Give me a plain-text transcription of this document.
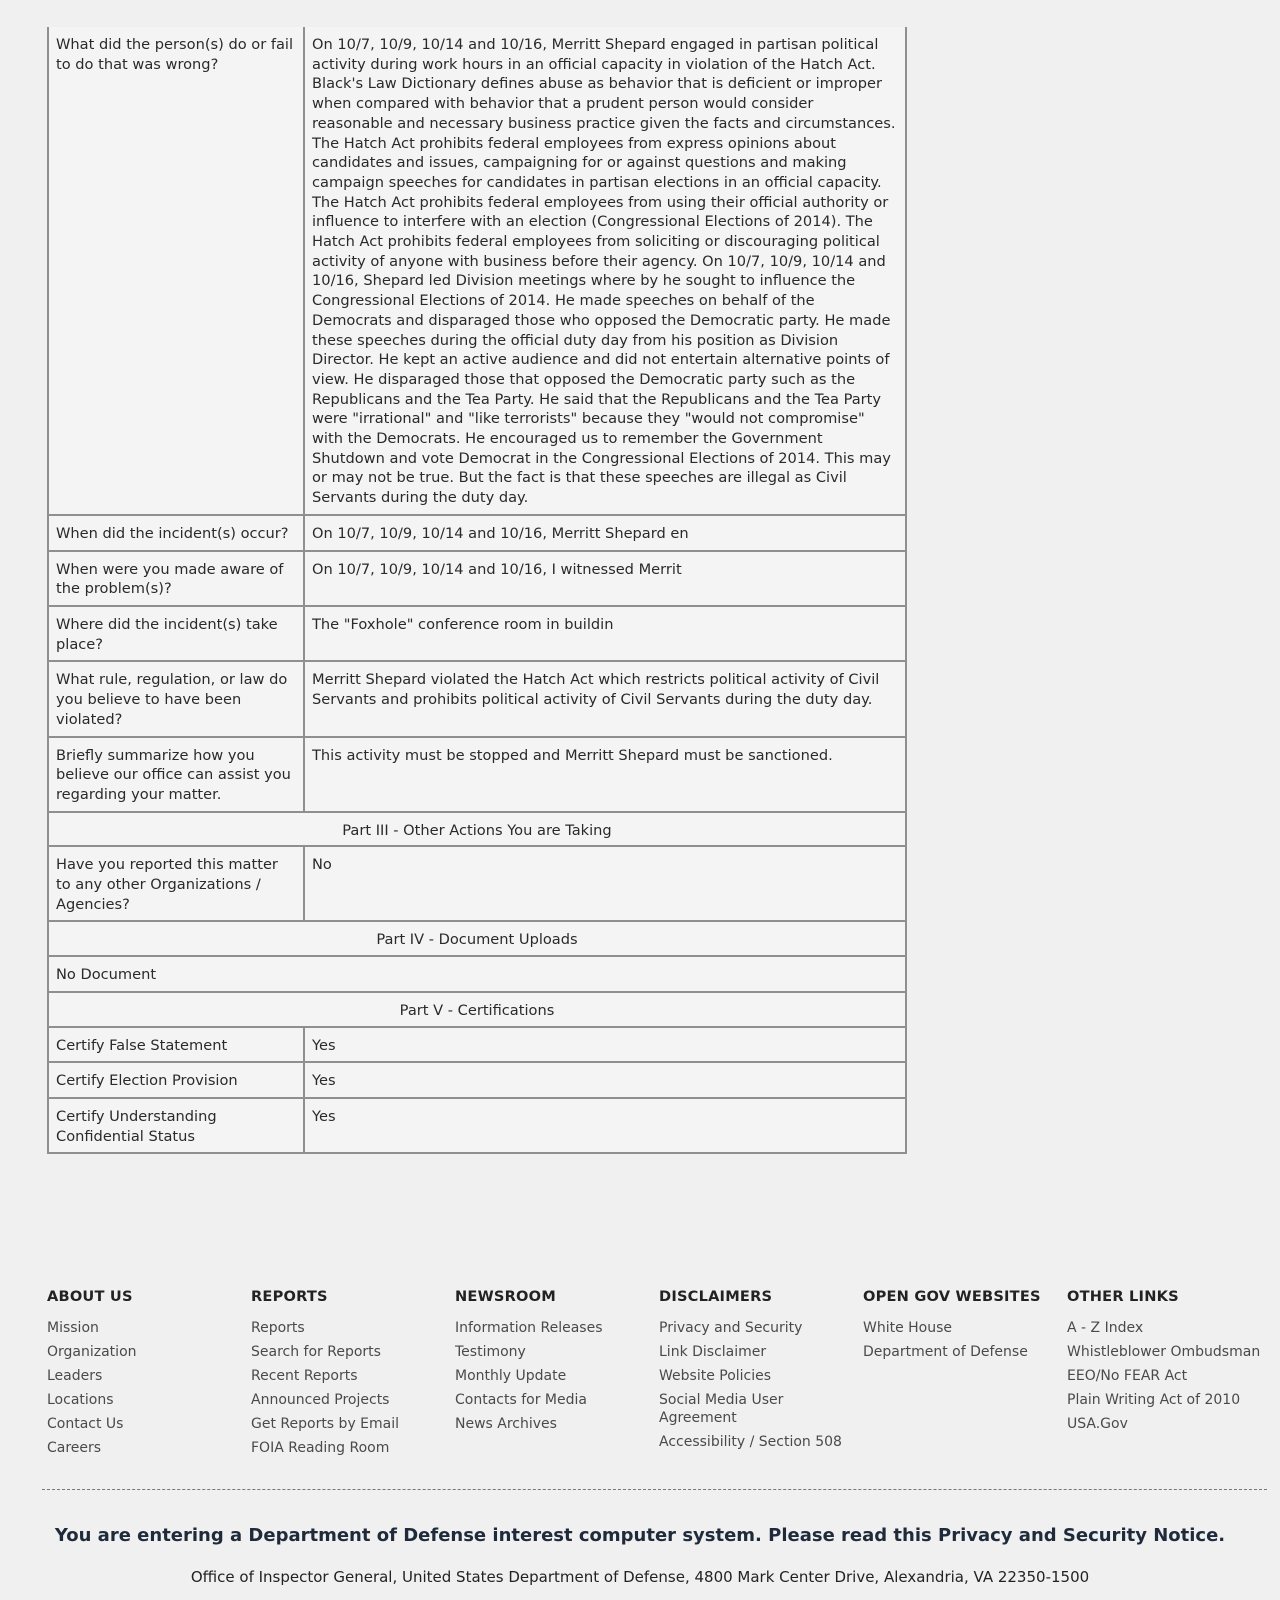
What did the person(s) do or fail to do that was wrong?	On 10/7, 10/9, 10/14 and 10/16, Merritt Shepard engaged in partisan political activity during work hours in an official capacity in violation of the Hatch Act. Black's Law Dictionary defines abuse as behavior that is deficient or improper when compared with behavior that a prudent person would consider reasonable and necessary business practice given the facts and circumstances. The Hatch Act prohibits federal employees from express opinions about candidates and issues, campaigning for or against questions and making campaign speeches for candidates in partisan elections in an official capacity. The Hatch Act prohibits federal employees from using their official authority or influence to interfere with an election (Congressional Elections of 2014). The Hatch Act prohibits federal employees from soliciting or discouraging political activity of anyone with business before their agency. On 10/7, 10/9, 10/14 and 10/16, Shepard led Division meetings where by he sought to influence the Congressional Elections of 2014. He made speeches on behalf of the Democrats and disparaged those who opposed the Democratic party. He made these speeches during the official duty day from his position as Division Director. He kept an active audience and did not entertain alternative points of view. He disparaged those that opposed the Democratic party such as the Republicans and the Tea Party. He said that the Republicans and the Tea Party were "irrational" and "like terrorists" because they "would not compromise" with the Democrats. He encouraged us to remember the Government Shutdown and vote Democrat in the Congressional Elections of 2014. This may or may not be true. But the fact is that these speeches are illegal as Civil Servants during the duty day.
When did the incident(s) occur?	On 10/7, 10/9, 10/14 and 10/16, Merritt Shepard en
When were you made aware of the problem(s)?	On 10/7, 10/9, 10/14 and 10/16, I witnessed Merrit
Where did the incident(s) take place?	The "Foxhole" conference room in buildin
What rule, regulation, or law do you believe to have been violated?	Merritt Shepard violated the Hatch Act which restricts political activity of Civil Servants and prohibits political activity of Civil Servants during the duty day.
Briefly summarize how you believe our office can assist you regarding your matter.	This activity must be stopped and Merritt Shepard must be sanctioned.
Part III - Other Actions You are Taking	
Have you reported this matter to any other Organizations / Agencies?	No
Part IV - Document Uploads	
No Document	
Part V - Certifications	
Certify False Statement	Yes
Certify Election Provision	Yes
Certify Understanding Confidential Status	Yes
ABOUT US
Mission
Organization
Leaders
Locations
Contact Us
Careers
REPORTS
Reports
Search for Reports
Recent Reports
Announced Projects
Get Reports by Email
FOIA Reading Room
NEWSROOM
Information Releases
Testimony
Monthly Update
Contacts for Media
News Archives
DISCLAIMERS
Privacy and Security
Link Disclaimer
Website Policies
Social Media User Agreement
Accessibility / Section 508
OPEN GOV WEBSITES
White House
Department of Defense
OTHER LINKS
A - Z Index
Whistleblower Ombudsman
EEO/No FEAR Act
Plain Writing Act of 2010
USA.Gov
You are entering a Department of Defense interest computer system. Please read this Privacy and Security Notice.
Office of Inspector General, United States Department of Defense, 4800 Mark Center Drive, Alexandria, VA 22350-1500
